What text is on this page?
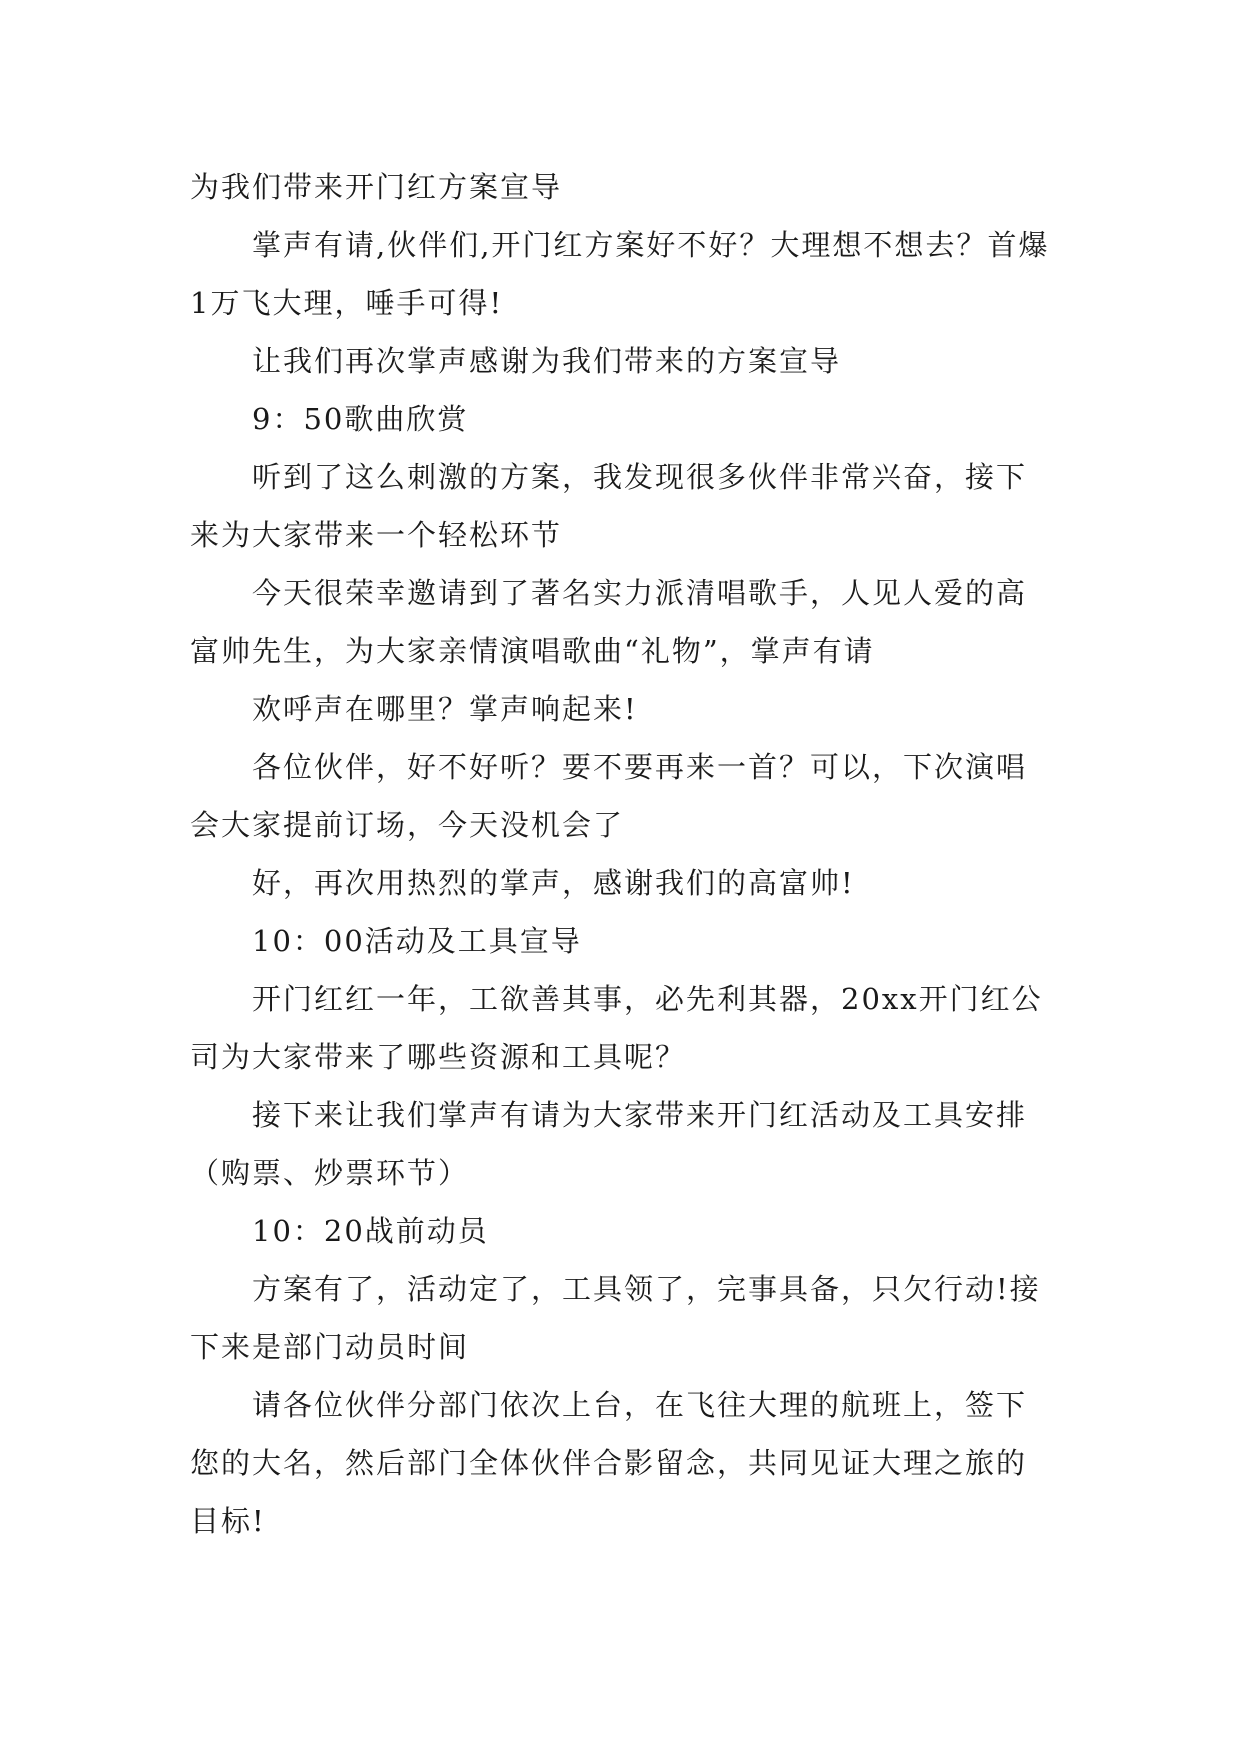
为我们带来开门红方案宣导

掌声有请,伙伴们,开门红方案好不好？大理想不想去？首爆1万飞大理，唾手可得!

让我们再次掌声感谢为我们带来的方案宣导

9：50歌曲欣赏

听到了这么刺激的方案，我发现很多伙伴非常兴奋，接下来为大家带来一个轻松环节

今天很荣幸邀请到了著名实力派清唱歌手，人见人爱的高富帅先生，为大家亲情演唱歌曲“礼物”，掌声有请

欢呼声在哪里？掌声响起来!

各位伙伴，好不好听？要不要再来一首？可以，下次演唱会大家提前订场，今天没机会了

好，再次用热烈的掌声，感谢我们的高富帅!

10：00活动及工具宣导

开门红红一年，工欲善其事，必先利其器，20xx开门红公司为大家带来了哪些资源和工具呢？

接下来让我们掌声有请为大家带来开门红活动及工具安排（购票、炒票环节）

10：20战前动员

方案有了，活动定了，工具领了，完事具备，只欠行动!接下来是部门动员时间

请各位伙伴分部门依次上台，在飞往大理的航班上，签下您的大名，然后部门全体伙伴合影留念，共同见证大理之旅的目标!
